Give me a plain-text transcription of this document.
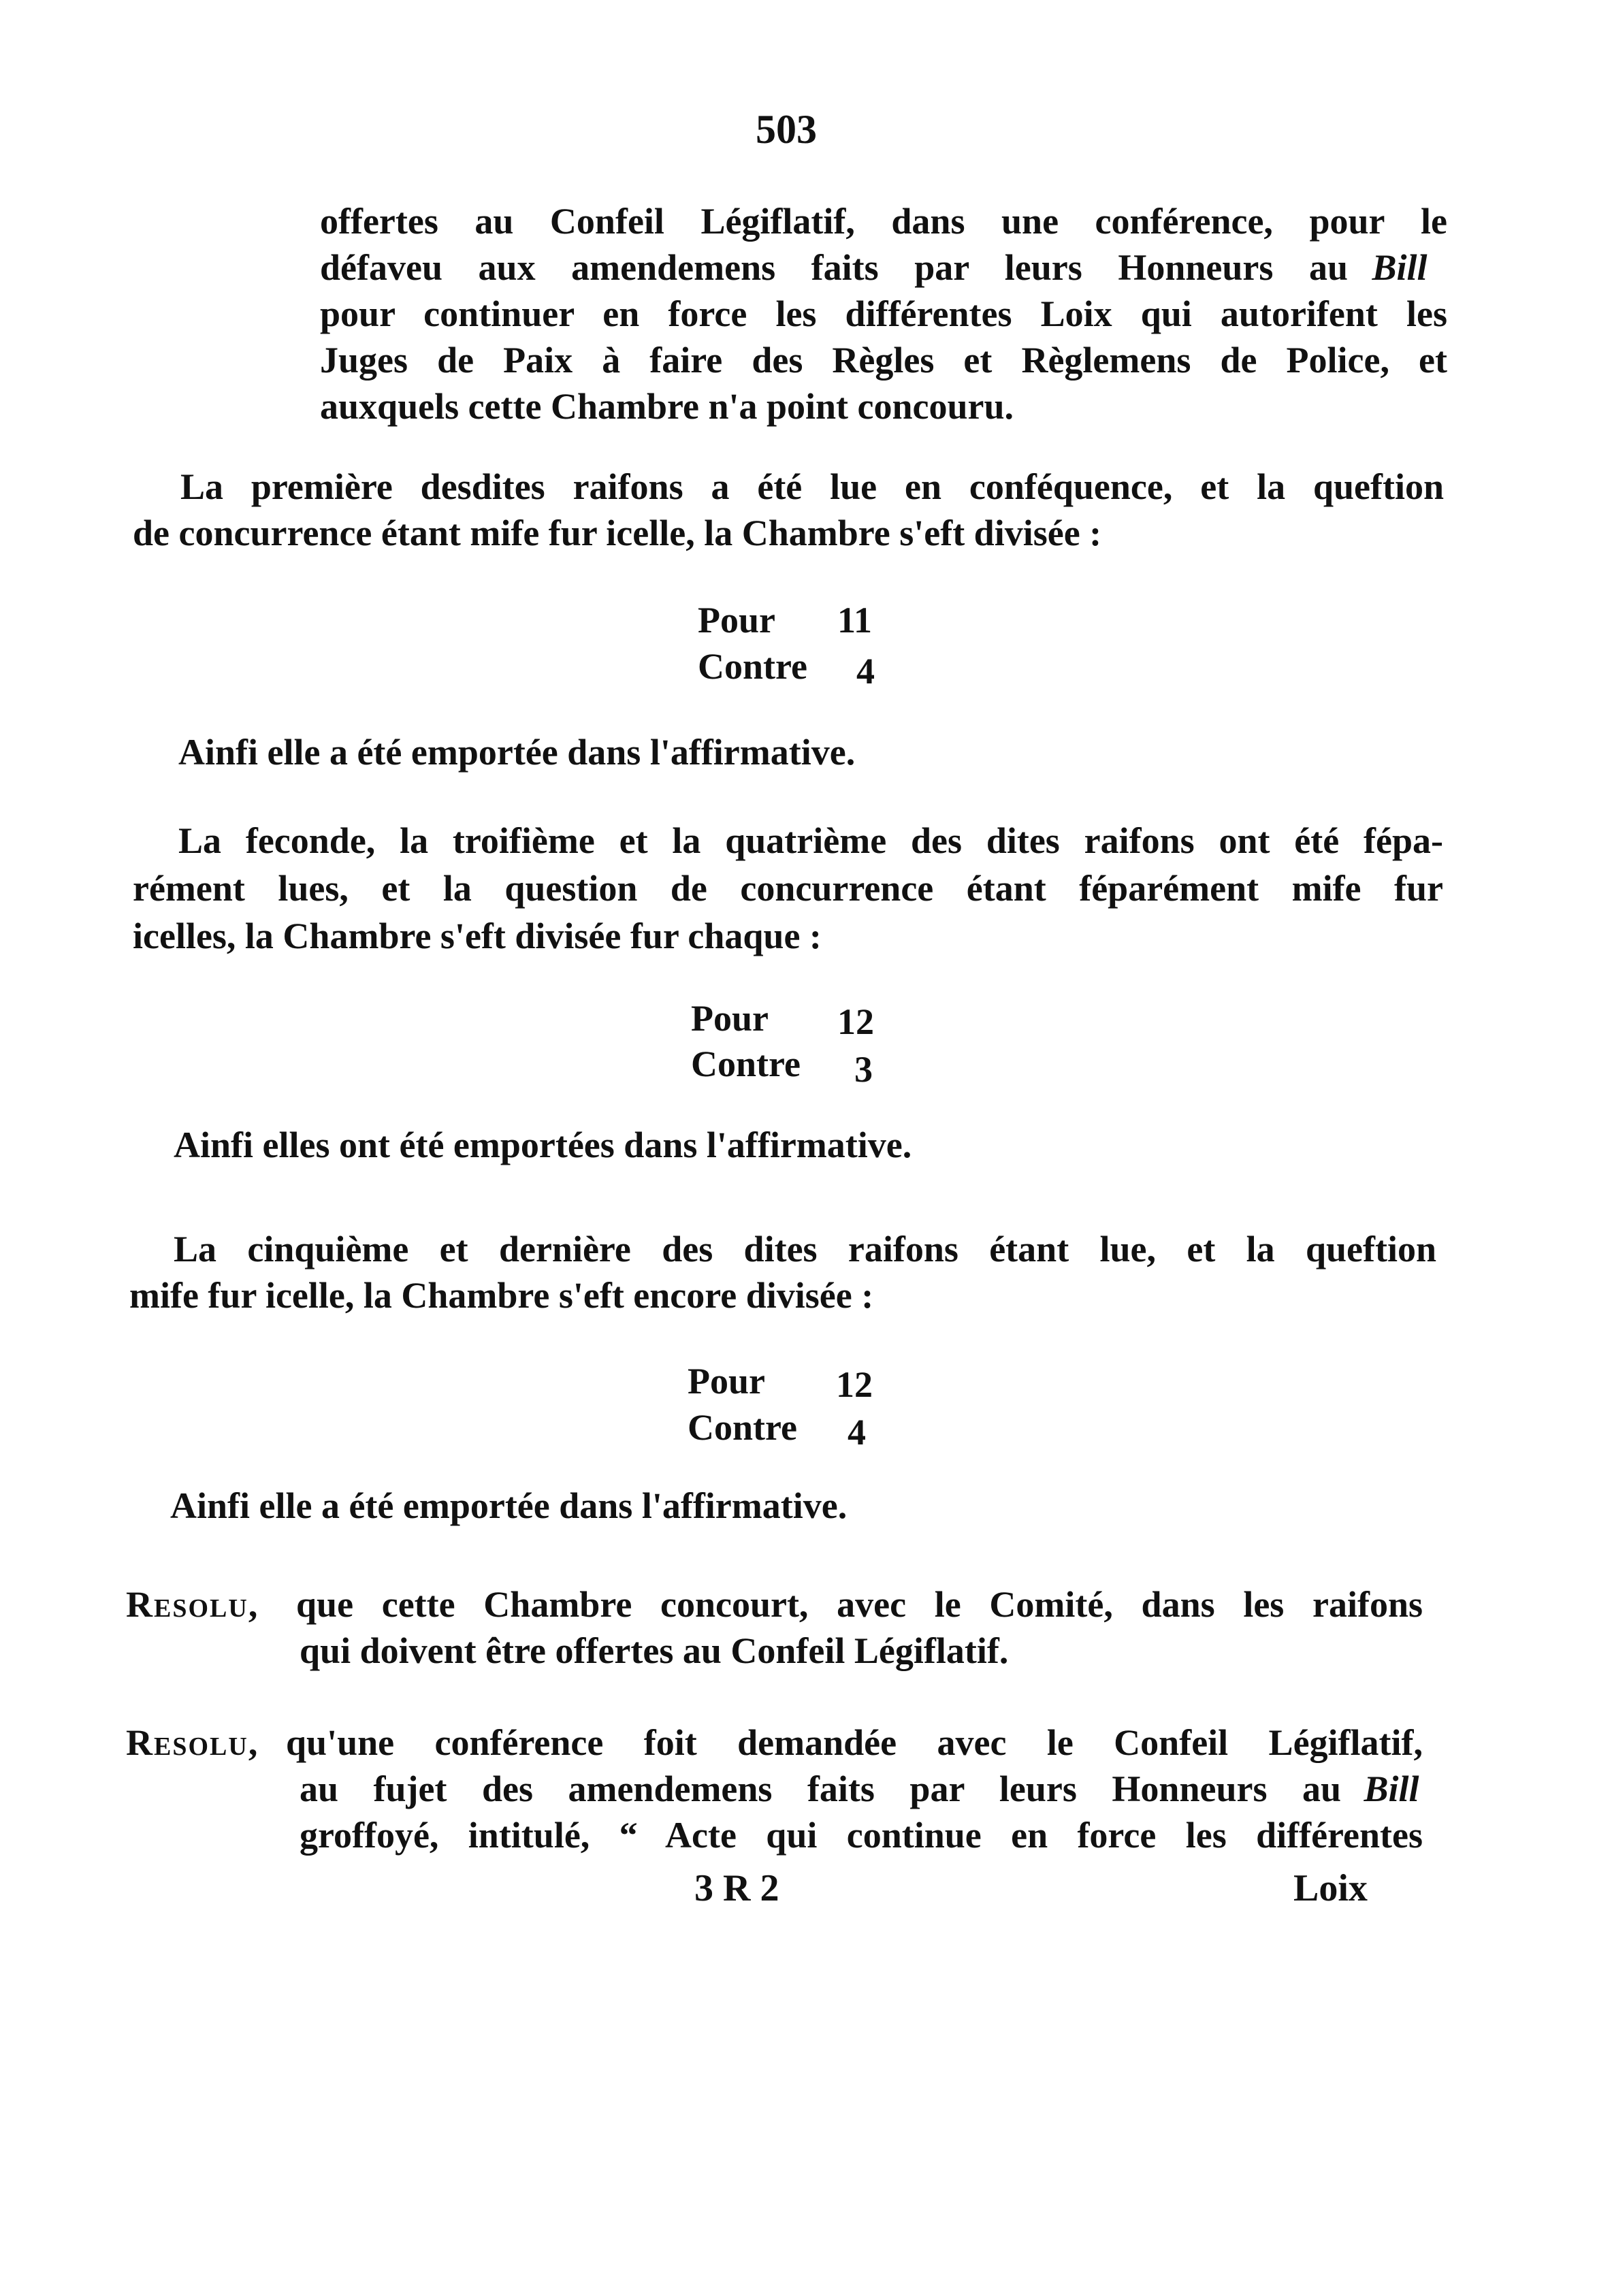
503
offertes au Confeil Légiflatif, dans une conférence, pour le
défaveu aux amendemens faits par leurs Honneurs au Bill
pour continuer en force les différentes Loix qui autorifent les
Juges de Paix à faire des Règles et Règlemens de Police, et
auxquels cette Chambre n'a point concouru.
La première desdites raifons a été lue en conféquence, et la queftion
de concurrence étant mife fur icelle, la Chambre s'eft divisée :
Pour 11
Contre 4
Ainfi elle a été emportée dans l'affirmative.
La feconde, la troifième et la quatrième des dites raifons ont été fépa-
rément lues, et la question de concurrence étant féparément mife fur
icelles, la Chambre s'eft divisée fur chaque :
Pour 12
Contre 3
Ainfi elles ont été emportées dans l'affirmative.
La cinquième et dernière des dites raifons étant lue, et la queftion
mife fur icelle, la Chambre s'eft encore divisée :
Pour 12
Contre 4
Ainfi elle a été emportée dans l'affirmative.
Resolu, que cette Chambre concourt, avec le Comité, dans les raifons
qui doivent être offertes au Confeil Légiflatif.
Resolu, qu'une conférence foit demandée avec le Confeil Légiflatif,
au fujet des amendemens faits par leurs Honneurs au Bill
groffoyé, intitulé, “ Acte qui continue en force les différentes
3 R 2	Loix
